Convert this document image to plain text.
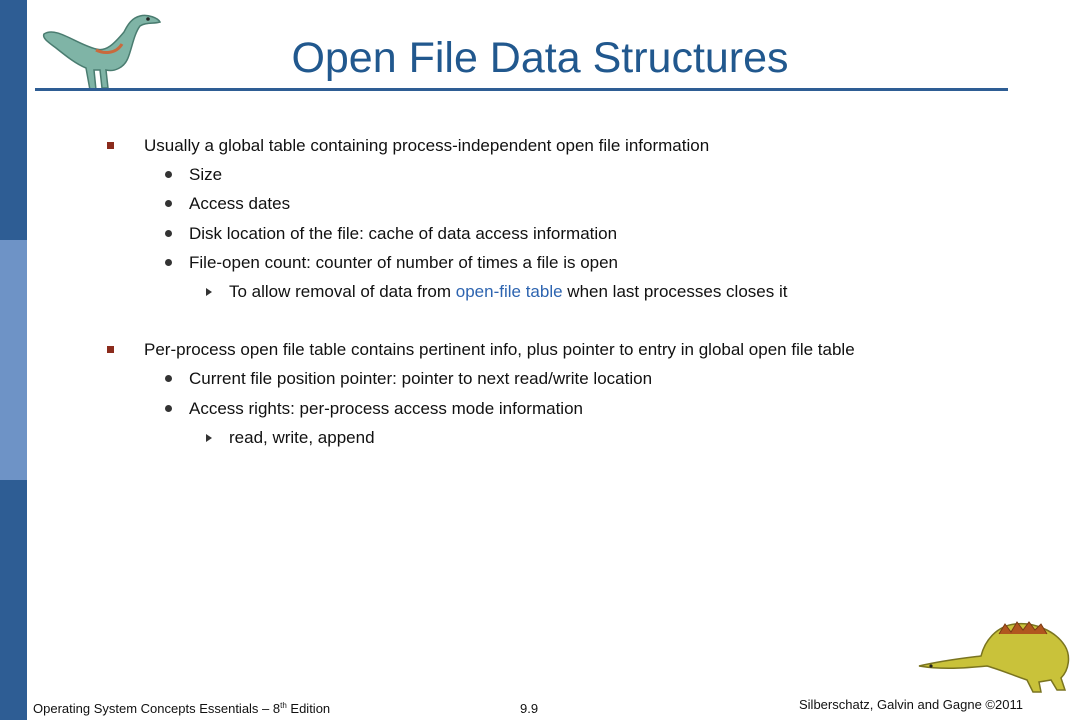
Open File Data Structures
Usually a global table containing process-independent open file information
Size
Access dates
Disk location of the file: cache of data access information
File-open count: counter of number of times a file is open
To allow removal of data from open-file table when last processes closes it
Per-process open file table contains pertinent info, plus pointer to entry in global open file table
Current file position pointer: pointer to next read/write location
Access rights: per-process access mode information
read, write, append
Operating System Concepts Essentials – 8th Edition	9.9	Silberschatz, Galvin and Gagne ©2011
